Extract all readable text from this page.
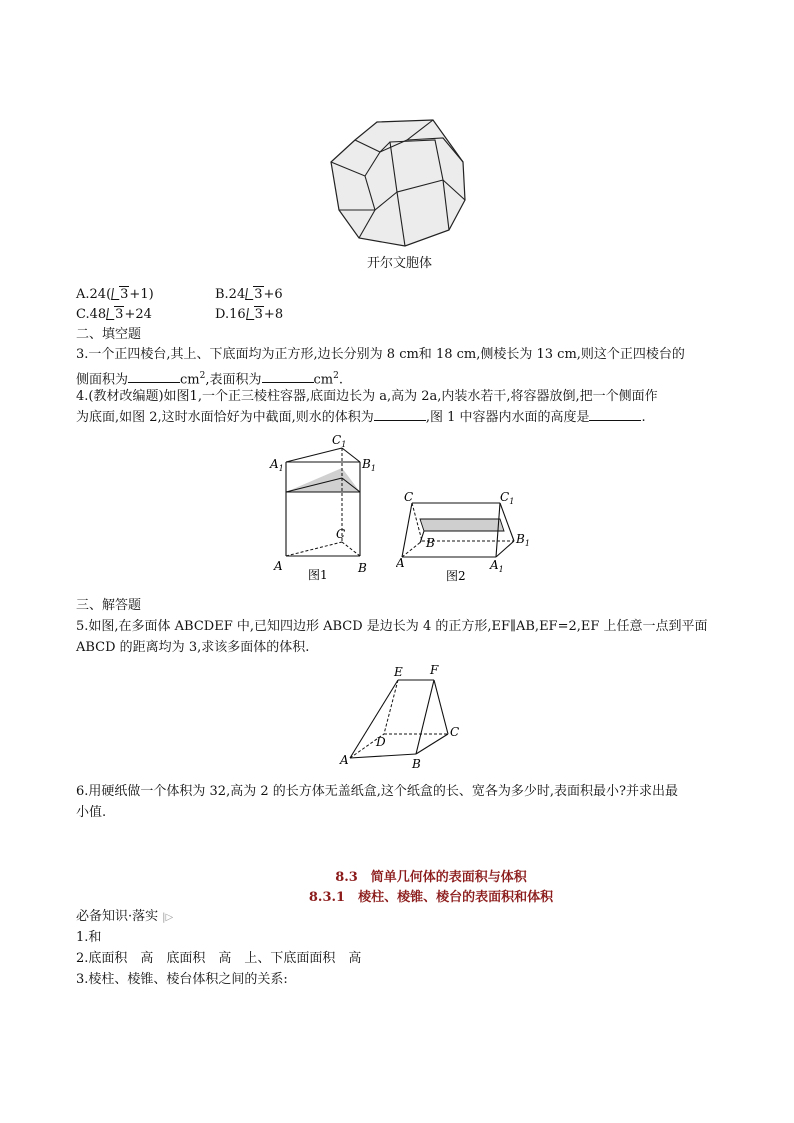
开尔文胞体
A.24( 3+1)	B.24 3+6
C.48 3+24	D.16 3+8
二、填空题
3.一个正四棱台,其上、下底面均为正方形,边长分别为 8 cm和 18 cm,侧棱长为 13 cm,则这个正四棱台的
侧面积为	$cm^2$,表面积为	$cm^2$.
4.(教材改编题)如图1,一个正三棱柱容器,底面边长为 a,高为 2a,内装水若干,将容器放倒,把一个侧面作
为底面,如图 2,这时水面恰好为中截面,则水的体积为	,图 1 中容器内水面的高度是	.
$A_1$	$B_1$
$C_1$
C
A	B
图1
C	$C_1$
B	$B_1$
A	$A_1$
图2
三、解答题
5.如图,在多面体 ABCDEF 中,已知四边形 ABCD 是边长为 4 的正方形,EF∥AB,EF=2,EF 上任意一点到平面
ABCD 的距离均为 3,求该多面体的体积.
E F
C
D
A	B
6.用硬纸做一个体积为 32,高为 2 的长方体无盖纸盒,这个纸盒的长、宽各为多少时,表面积最小?并求出最
小值.
8.3　简单几何体的表面积与体积
8.3.1　棱柱、棱锥、棱台的表面积和体积
必备知识·落实 |▷
1.和
2.底面积　高　底面积　高　上、下底面面积　高
3.棱柱、棱锥、棱台体积之间的关系:
